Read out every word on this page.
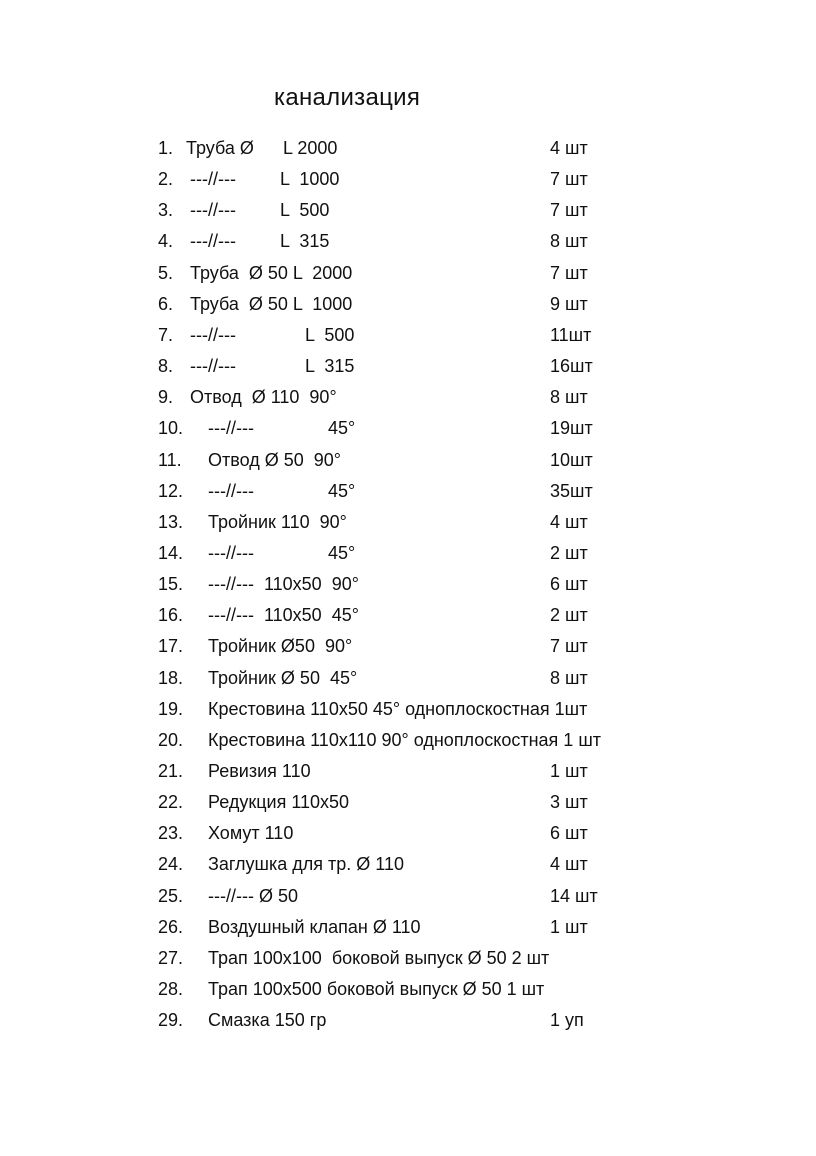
канализация
1. Труба Ø L 2000	4 шт
2. ---//--- L  1000	7 шт
3. ---//--- L  500	7 шт
4. ---//--- L  315	8 шт
5. Труба  Ø 50 L  2000	7 шт
6. Труба  Ø 50 L  1000	9 шт
7. ---//---	L  500	11шт
8. ---//---	L  315	16шт
9. Отвод  Ø 110  90°	8 шт
10. ---//---	45°	19шт
11. Отвод Ø 50  90°	10шт
12. ---//---	45°	35шт
13. Тройник 110  90°	4 шт
14. ---//---	45°	2 шт
15. ---//---  110х50  90°	6 шт
16. ---//---  110х50  45°	2 шт
17. Тройник Ø50  90°	7 шт
18. Тройник Ø 50  45°	8 шт
19. Крестовина 110х50 45° одноплоскостная 1шт
20. Крестовина 110х110 90° одноплоскостная 1 шт
21. Ревизия 110	1 шт
22. Редукция 110х50	3 шт
23. Хомут 110	6 шт
24. Заглушка для тр. Ø 110	4 шт
25. ---//--- Ø 50	14 шт
26. Воздушный клапан Ø 110	1 шт
27. Трап 100х100  боковой выпуск Ø 50 2 шт
28. Трап 100х500 боковой выпуск Ø 50 1 шт
29. Смазка 150 гр	1 уп
